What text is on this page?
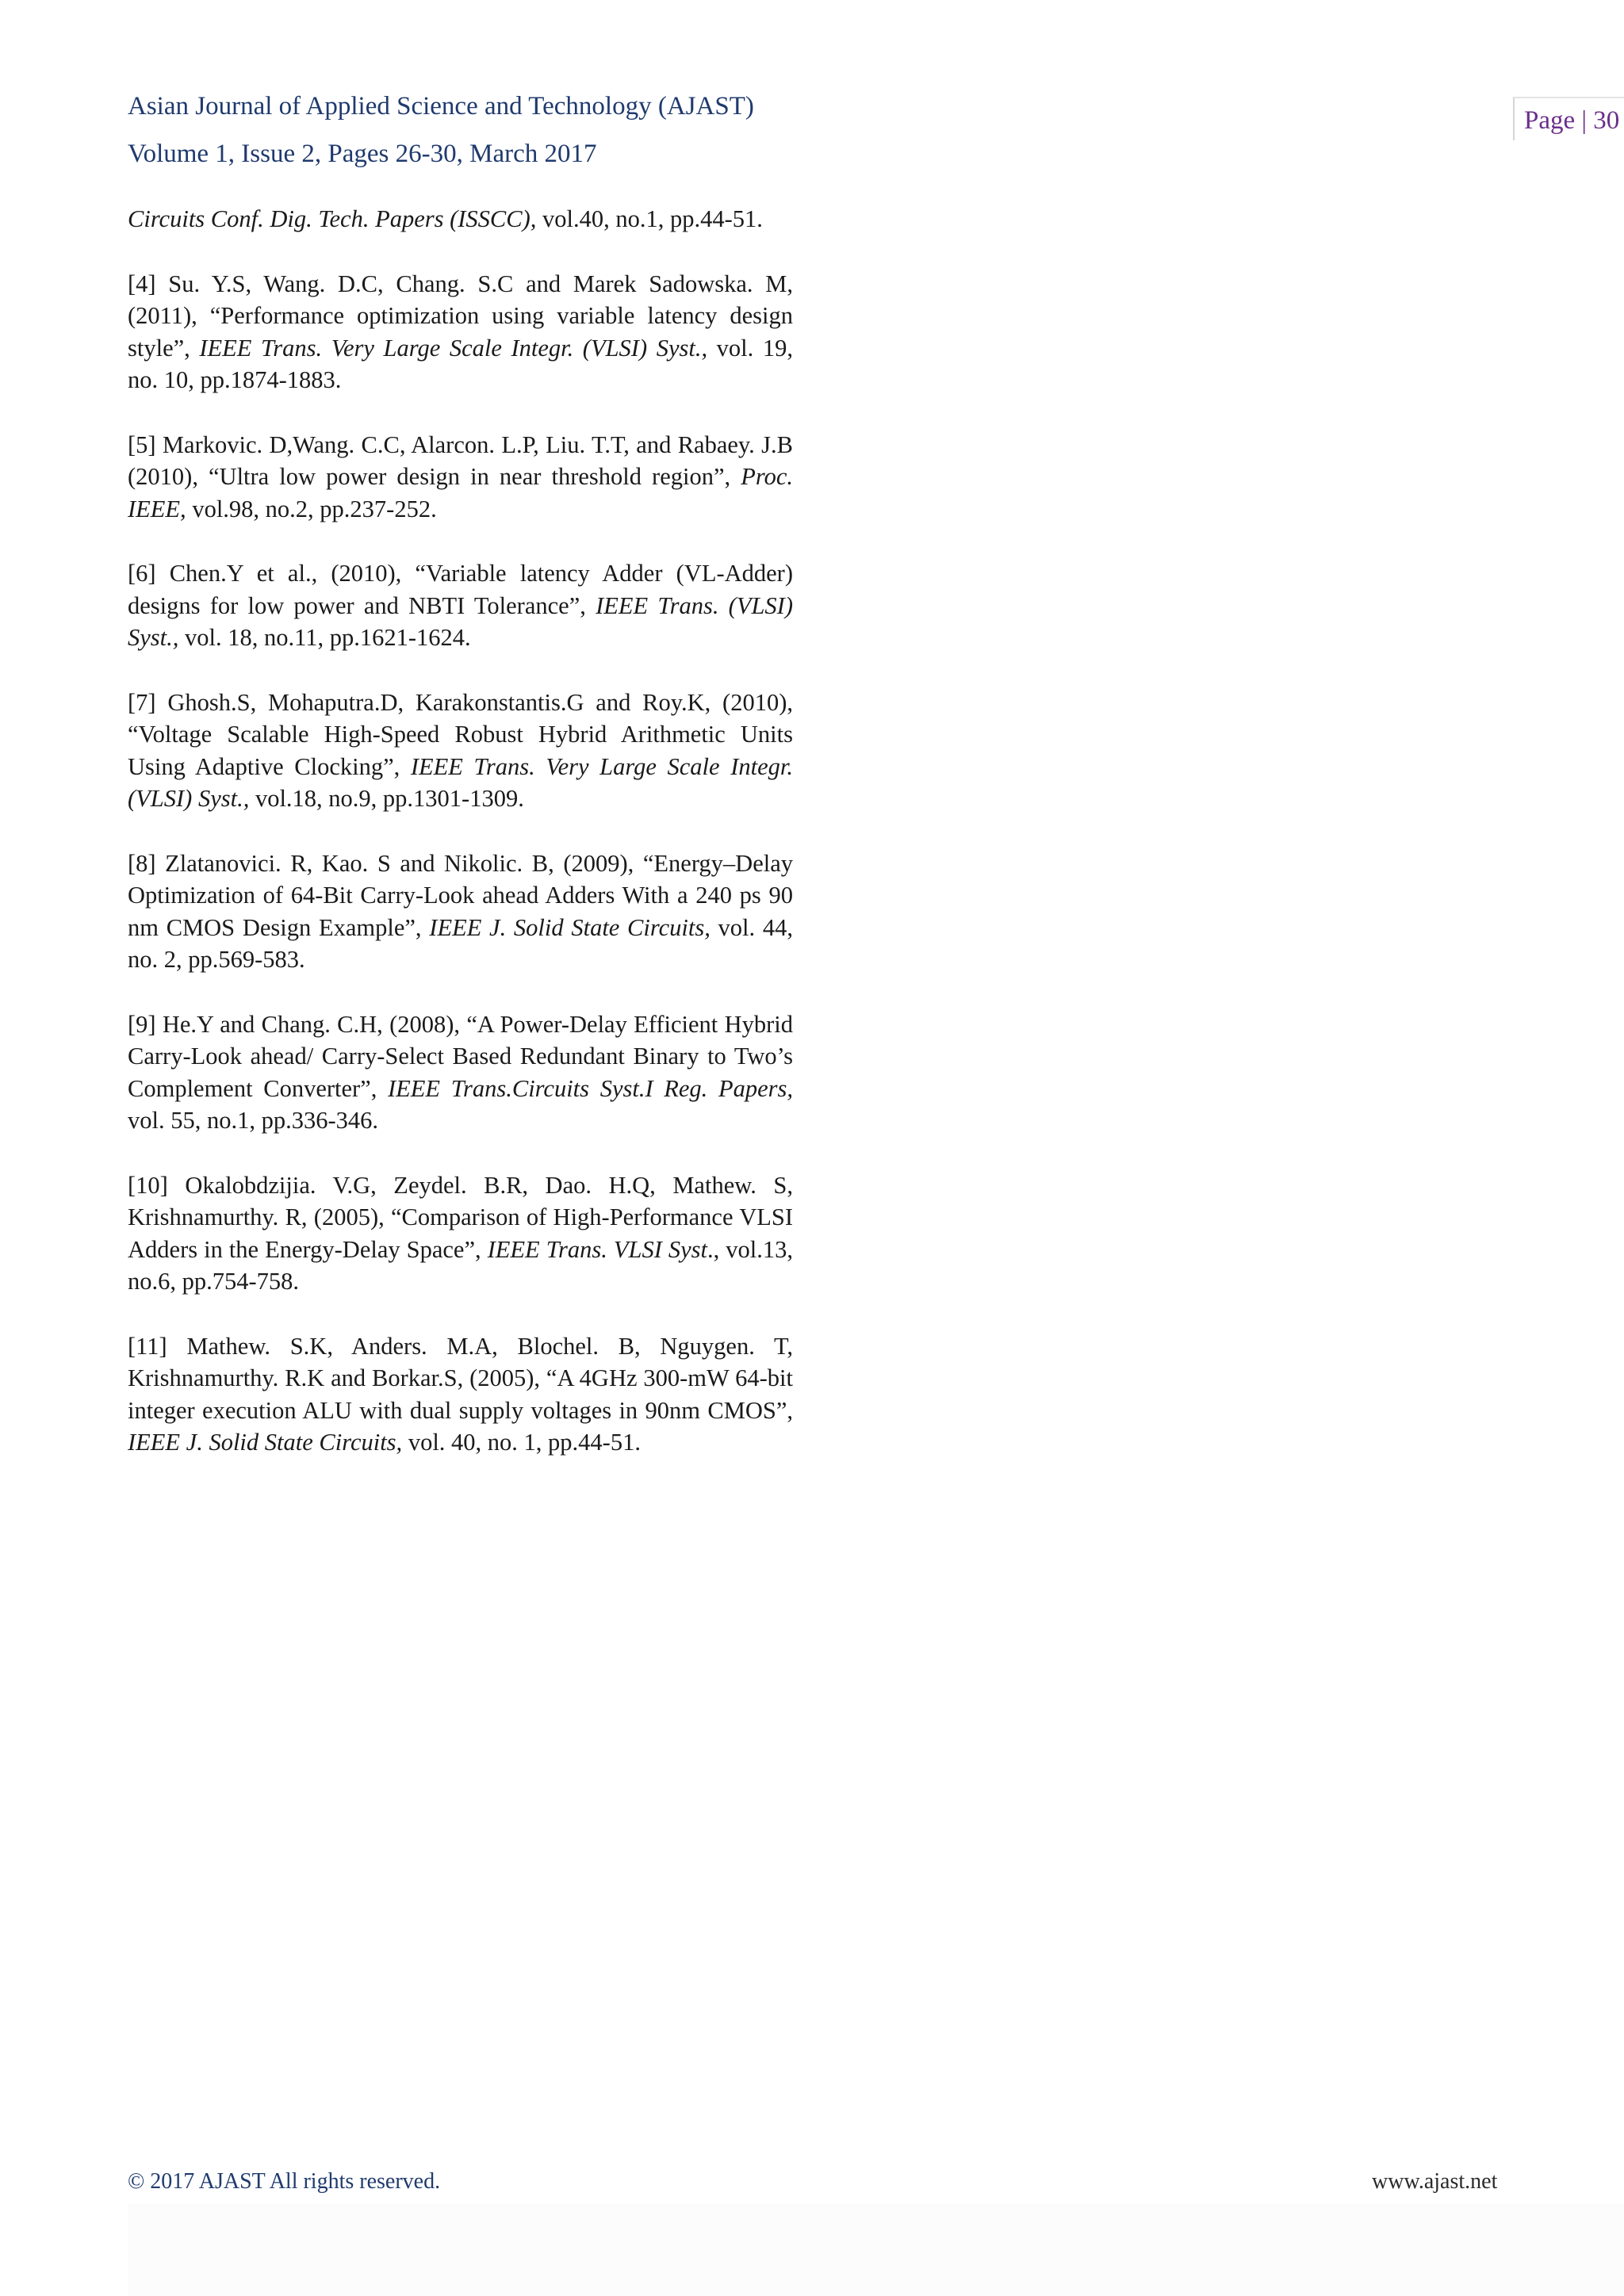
Asian Journal of Applied Science and Technology (AJAST)
Volume 1, Issue 2, Pages 26-30, March 2017
Page | 30

Circuits Conf. Dig. Tech. Papers (ISSCC), vol.40, no.1, pp.44-51.

[4] Su. Y.S, Wang. D.C, Chang. S.C and Marek Sadowska. M, (2011), “Performance optimization using variable latency design style”, IEEE Trans. Very Large Scale Integr. (VLSI) Syst., vol. 19, no. 10, pp.1874-1883.

[5] Markovic. D,Wang. C.C, Alarcon. L.P, Liu. T.T, and Rabaey. J.B (2010), “Ultra low power design in near threshold region”, Proc. IEEE, vol.98, no.2, pp.237-252.

[6] Chen.Y et al., (2010), “Variable latency Adder (VL-Adder) designs for low power and NBTI Tolerance”, IEEE Trans. (VLSI) Syst., vol. 18, no.11, pp.1621-1624.

[7] Ghosh.S, Mohaputra.D, Karakonstantis.G and Roy.K, (2010), “Voltage Scalable High-Speed Robust Hybrid Arithmetic Units Using Adaptive Clocking”, IEEE Trans. Very Large Scale Integr. (VLSI) Syst., vol.18, no.9, pp.1301-1309.

[8] Zlatanovici. R, Kao. S and Nikolic. B, (2009), “Energy–Delay Optimization of 64-Bit Carry-Look ahead Adders With a 240 ps 90 nm CMOS Design Example”, IEEE J. Solid State Circuits, vol. 44, no. 2, pp.569-583.

[9] He.Y and Chang. C.H, (2008), “A Power-Delay Efficient Hybrid Carry-Look ahead/ Carry-Select Based Redundant Binary to Two’s Complement Converter”, IEEE Trans.Circuits Syst.I Reg. Papers, vol. 55, no.1, pp.336-346.

[10] Okalobdzijia. V.G, Zeydel. B.R, Dao. H.Q, Mathew. S, Krishnamurthy. R, (2005), “Comparison of High-Performance VLSI Adders in the Energy-Delay Space”, IEEE Trans. VLSI Syst., vol.13, no.6, pp.754-758.

[11] Mathew. S.K, Anders. M.A, Blochel. B, Nguygen. T, Krishnamurthy. R.K and Borkar.S, (2005), “A 4GHz 300-mW 64-bit integer execution ALU with dual supply voltages in 90nm CMOS”, IEEE J. Solid State Circuits, vol. 40, no. 1, pp.44-51.

© 2017 AJAST All rights reserved.	www.ajast.net
